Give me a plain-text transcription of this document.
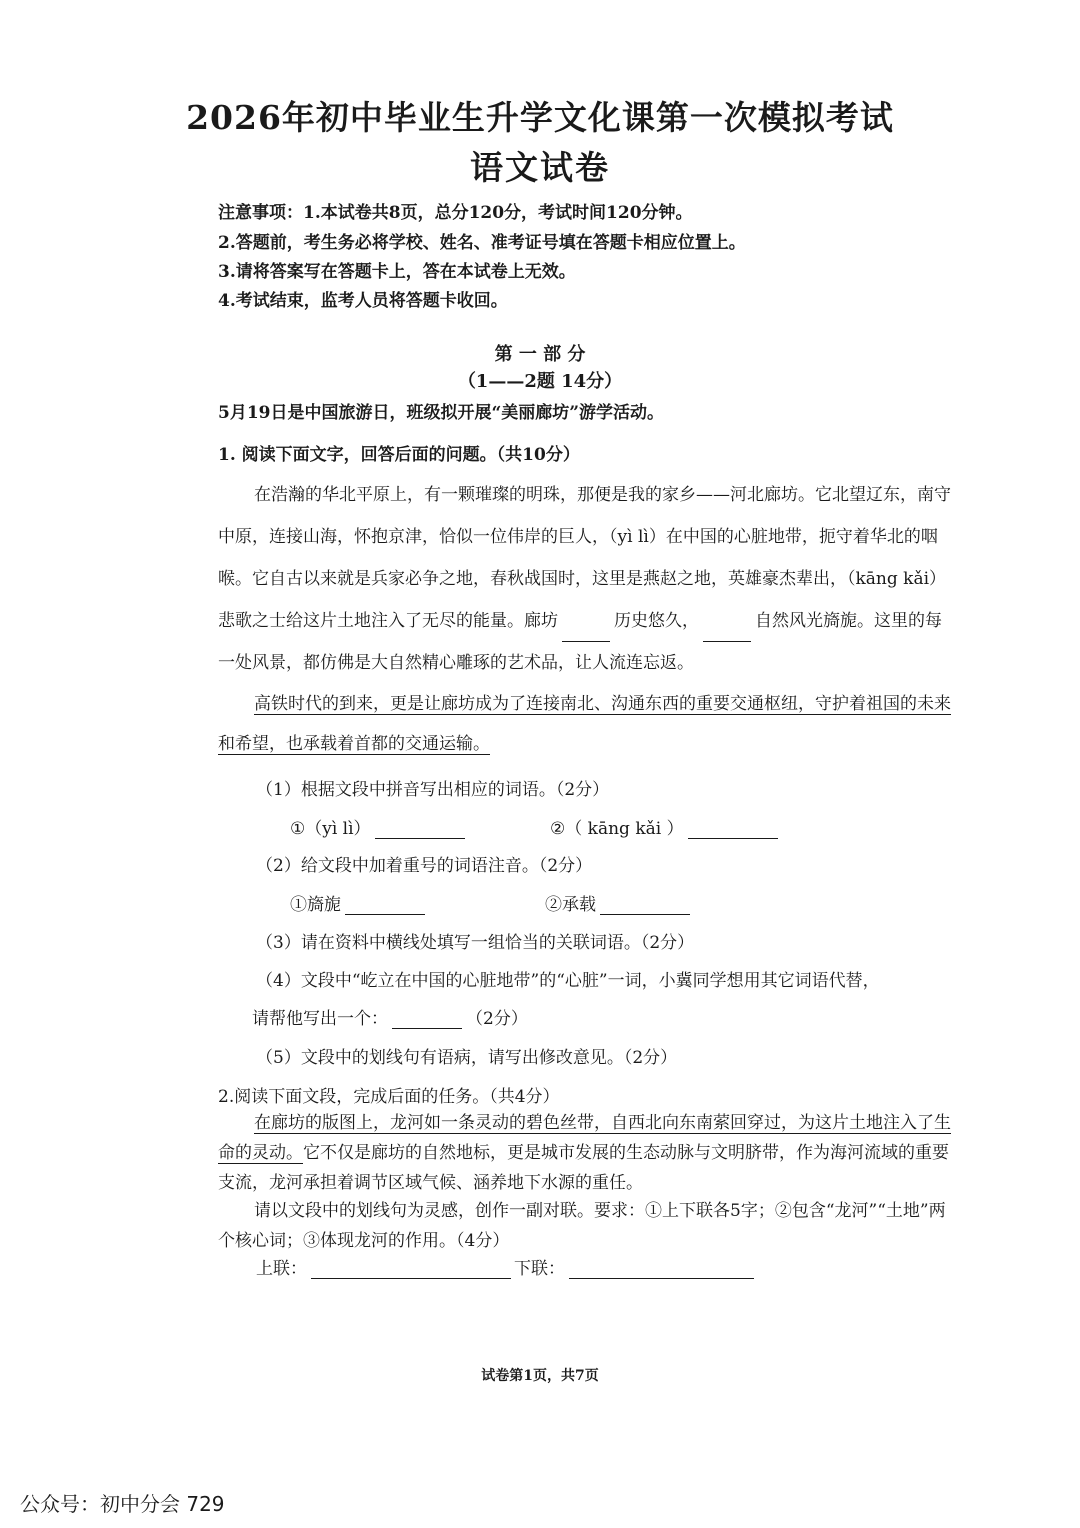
2026年初中毕业生升学文化课第一次模拟考试
语文试卷
注意事项：1.本试卷共8页，总分120分，考试时间120分钟。
2.答题前，考生务必将学校、姓名、准考证号填在答题卡相应位置上。
3.请将答案写在答题卡上，答在本试卷上无效。
4.考试结束，监考人员将答题卡收回。
第 一 部 分
（1——2题 14分）
5月19日是中国旅游日，班级拟开展“美丽廊坊”游学活动。
1. 阅读下面文字，回答后面的问题。（共10分）
在浩瀚的华北平原上，有一颗璀璨的明珠，那便是我的家乡——河北廊坊。它北望辽东，南守中原，连接山海，怀抱京津，恰似一位伟岸的巨人，（yì lì）在中国的心脏地带，扼守着华北的咽喉。它自古以来就是兵家必争之地，春秋战国时，这里是燕赵之地，英雄豪杰辈出，（kāng kǎi）悲歌之士给这片土地注入了无尽的能量。廊坊	历史悠久，	自然风光旖旎。这里的每一处风景，都仿佛是大自然精心雕琢的艺术品，让人流连忘返。
高铁时代的到来，更是让廊坊成为了连接南北、沟通东西的重要交通枢纽，守护着祖国的未来和希望，也承载着首都的交通运输。
（1）根据文段中拼音写出相应的词语。（2分）
①（yì lì）	②（ kāng kǎi ）
（2）给文段中加着重号的词语注音。（2分）
①旖旎	②承载
（3）请在资料中横线处填写一组恰当的关联词语。（2分）
（4）文段中“屹立在中国的心脏地带”的“心脏”一词，小冀同学想用其它词语代替，
请帮他写出一个：	（2分）
（5）文段中的划线句有语病，请写出修改意见。（2分）
2.阅读下面文段，完成后面的任务。（共4分）
在廊坊的版图上，龙河如一条灵动的碧色丝带，自西北向东南萦回穿过，为这片土地注入了生命的灵动。它不仅是廊坊的自然地标，更是城市发展的生态动脉与文明脐带，作为海河流域的重要支流，龙河承担着调节区域气候、涵养地下水源的重任。
请以文段中的划线句为灵感，创作一副对联。要求：①上下联各5字；②包含“龙河”“土地”两个核心词；③体现龙河的作用。（4分）
上联：	下联：
试卷第1页，共7页
公众号：初中分会 729
